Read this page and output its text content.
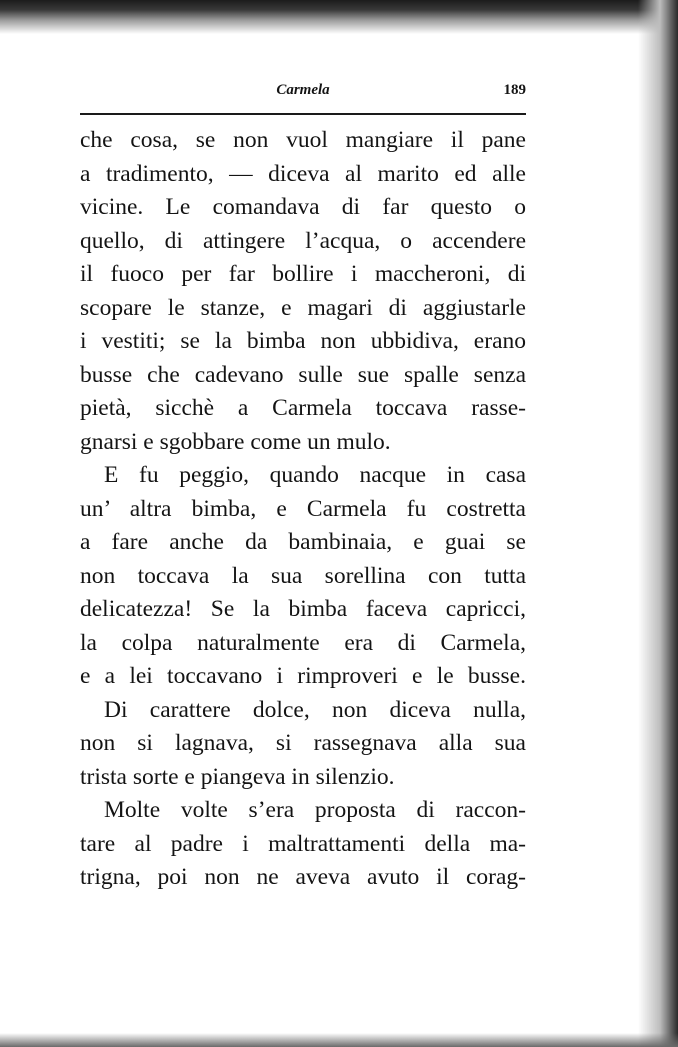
Carmela	189
che cosa, se non vuol mangiare il pane
a tradimento, — diceva al marito ed alle
vicine. Le comandava di far questo o
quello, di attingere l’acqua, o accendere
il fuoco per far bollire i maccheroni, di
scopare le stanze, e magari di aggiustarle
i vestiti; se la bimba non ubbidiva, erano
busse che cadevano sulle sue spalle senza
pietà, sicchè a Carmela toccava rasse-
gnarsi e sgobbare come un mulo.
E fu peggio, quando nacque in casa
un’ altra bimba, e Carmela fu costretta
a fare anche da bambinaia, e guai se
non toccava la sua sorellina con tutta
delicatezza! Se la bimba faceva capricci,
la colpa naturalmente era di Carmela,
e a lei toccavano i rimproveri e le busse.
Di carattere dolce, non diceva nulla,
non si lagnava, si rassegnava alla sua
trista sorte e piangeva in silenzio.
Molte volte s’era proposta di raccon-
tare al padre i maltrattamenti della ma-
trigna, poi non ne aveva avuto il corag-
